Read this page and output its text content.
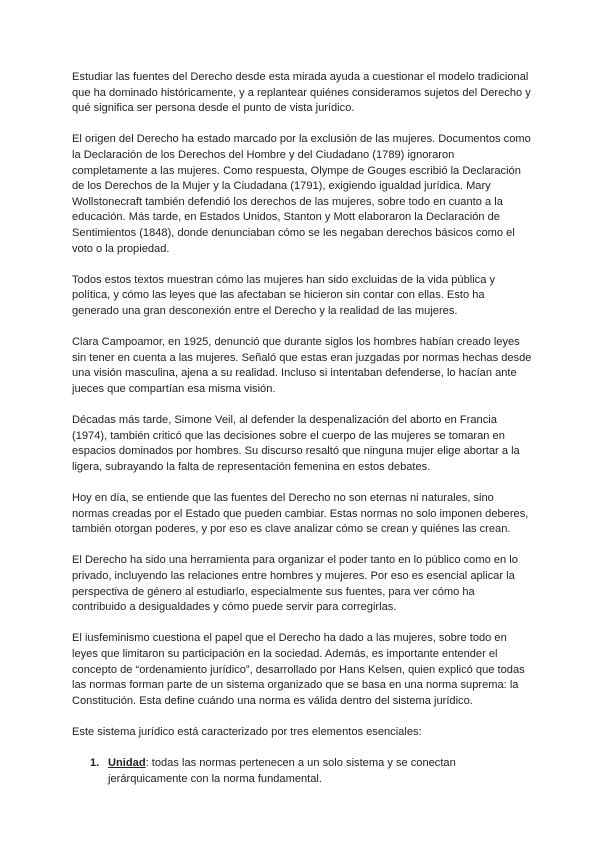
Estudiar las fuentes del Derecho desde esta mirada ayuda a cuestionar el modelo tradicional que ha dominado históricamente, y a replantear quiénes consideramos sujetos del Derecho y qué significa ser persona desde el punto de vista jurídico.

El origen del Derecho ha estado marcado por la exclusión de las mujeres. Documentos como la Declaración de los Derechos del Hombre y del Ciudadano (1789) ignoraron completamente a las mujeres. Como respuesta, Olympe de Gouges escribió la Declaración de los Derechos de la Mujer y la Ciudadana (1791), exigiendo igualdad jurídica. Mary Wollstonecraft también defendió los derechos de las mujeres, sobre todo en cuanto a la educación. Más tarde, en Estados Unidos, Stanton y Mott elaboraron la Declaración de Sentimientos (1848), donde denunciaban cómo se les negaban derechos básicos como el voto o la propiedad.

Todos estos textos muestran cómo las mujeres han sido excluidas de la vida pública y política, y cómo las leyes que las afectaban se hicieron sin contar con ellas. Esto ha generado una gran desconexión entre el Derecho y la realidad de las mujeres.

Clara Campoamor, en 1925, denunció que durante siglos los hombres habían creado leyes sin tener en cuenta a las mujeres. Señaló que estas eran juzgadas por normas hechas desde una visión masculina, ajena a su realidad. Incluso si intentaban defenderse, lo hacían ante jueces que compartían esa misma visión.

Décadas más tarde, Simone Veil, al defender la despenalización del aborto en Francia (1974), también criticó que las decisiones sobre el cuerpo de las mujeres se tomaran en espacios dominados por hombres. Su discurso resaltó que ninguna mujer elige abortar a la ligera, subrayando la falta de representación femenina en estos debates.

Hoy en día, se entiende que las fuentes del Derecho no son eternas ni naturales, sino normas creadas por el Estado que pueden cambiar. Estas normas no solo imponen deberes, también otorgan poderes, y por eso es clave analizar cómo se crean y quiénes las crean.

El Derecho ha sido una herramienta para organizar el poder tanto en lo público como en lo privado, incluyendo las relaciones entre hombres y mujeres. Por eso es esencial aplicar la perspectiva de género al estudiarlo, especialmente sus fuentes, para ver cómo ha contribuido a desigualdades y cómo puede servir para corregirlas.

El iusfeminismo cuestiona el papel que el Derecho ha dado a las mujeres, sobre todo en leyes que limitaron su participación en la sociedad. Además, es importante entender el concepto de “ordenamiento jurídico”, desarrollado por Hans Kelsen, quien explicó que todas las normas forman parte de un sistema organizado que se basa en una norma suprema: la Constitución. Esta define cuándo una norma es válida dentro del sistema jurídico.

Este sistema jurídico está caracterizado por tres elementos esenciales:

1. Unidad: todas las normas pertenecen a un solo sistema y se conectan jerárquicamente con la norma fundamental.
